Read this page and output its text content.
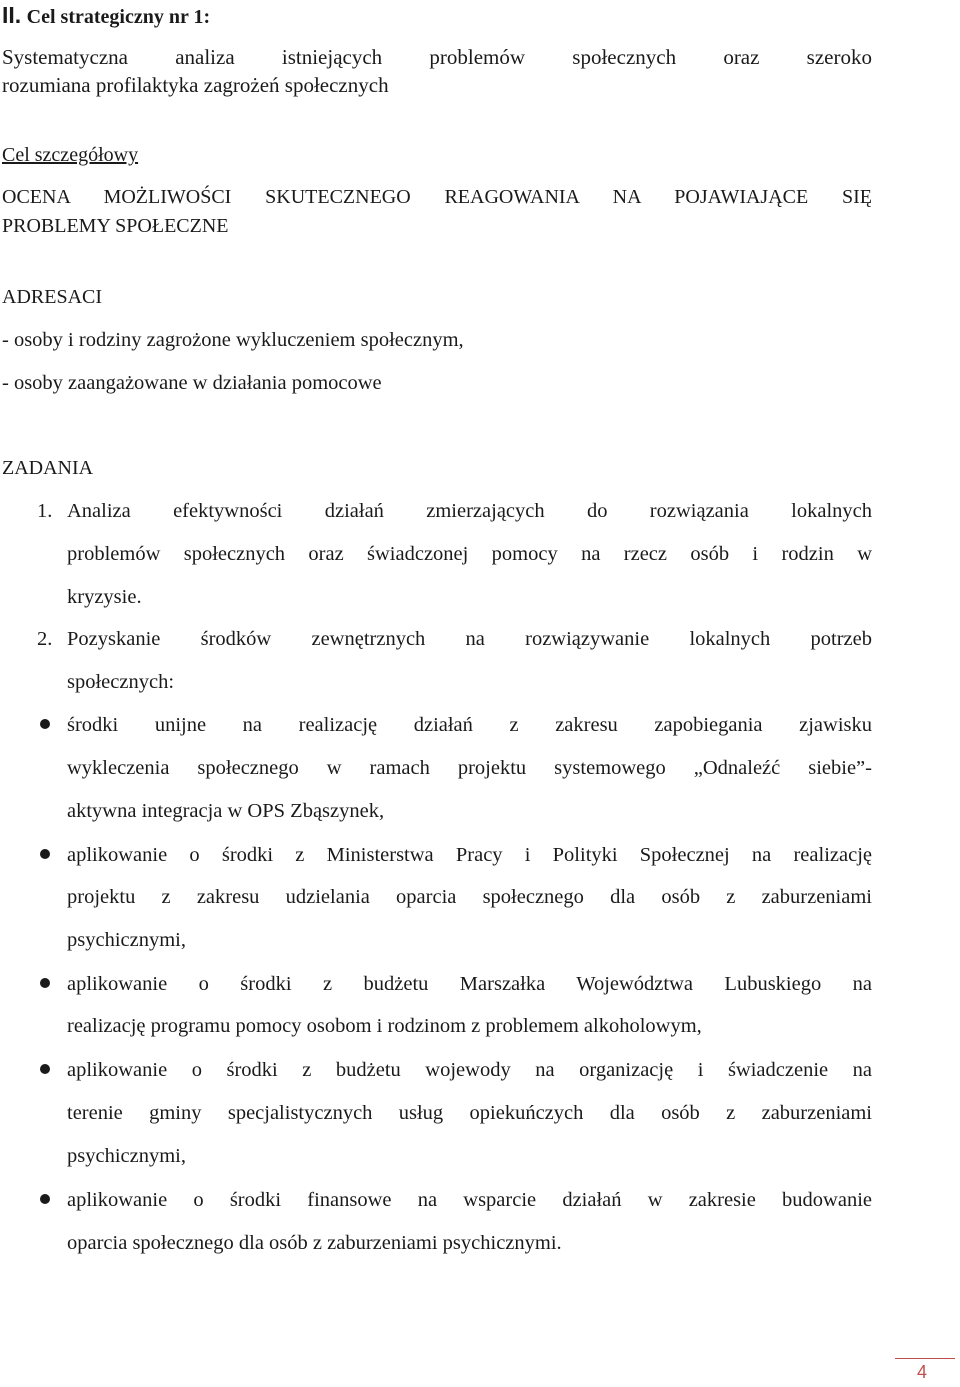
II. Cel strategiczny nr 1:
Systematyczna analiza istniejących problemów społecznych oraz szeroko
rozumiana profilaktyka zagrożeń społecznych
Cel szczegółowy
OCENA MOŻLIWOŚCI SKUTECZNEGO REAGOWANIA NA POJAWIAJĄCE SIĘ
PROBLEMY SPOŁECZNE
ADRESACI
- osoby i rodziny zagrożone wykluczeniem społecznym,
- osoby zaangażowane w działania pomocowe
ZADANIA
1. Analiza efektywności działań zmierzających do rozwiązania lokalnych
problemów społecznych oraz świadczonej pomocy na rzecz osób i rodzin w
kryzysie.
2. Pozyskanie środków zewnętrznych na rozwiązywanie lokalnych potrzeb
społecznych:
środki unijne na realizację działań z zakresu zapobiegania zjawisku
wykleczenia społecznego w ramach projektu systemowego „Odnaleźć siebie”-
aktywna integracja w OPS Zbąszynek,
aplikowanie o środki z Ministerstwa Pracy i Polityki Społecznej na realizację
projektu z zakresu udzielania oparcia społecznego dla osób z zaburzeniami
psychicznymi,
aplikowanie o środki z budżetu Marszałka Województwa Lubuskiego na
realizację programu pomocy osobom i rodzinom z problemem alkoholowym,
aplikowanie o środki z budżetu wojewody na organizację i świadczenie na
terenie gminy specjalistycznych usług opiekuńczych dla osób z zaburzeniami
psychicznymi,
aplikowanie o środki finansowe na wsparcie działań w zakresie budowanie
oparcia społecznego dla osób z zaburzeniami psychicznymi.
4
